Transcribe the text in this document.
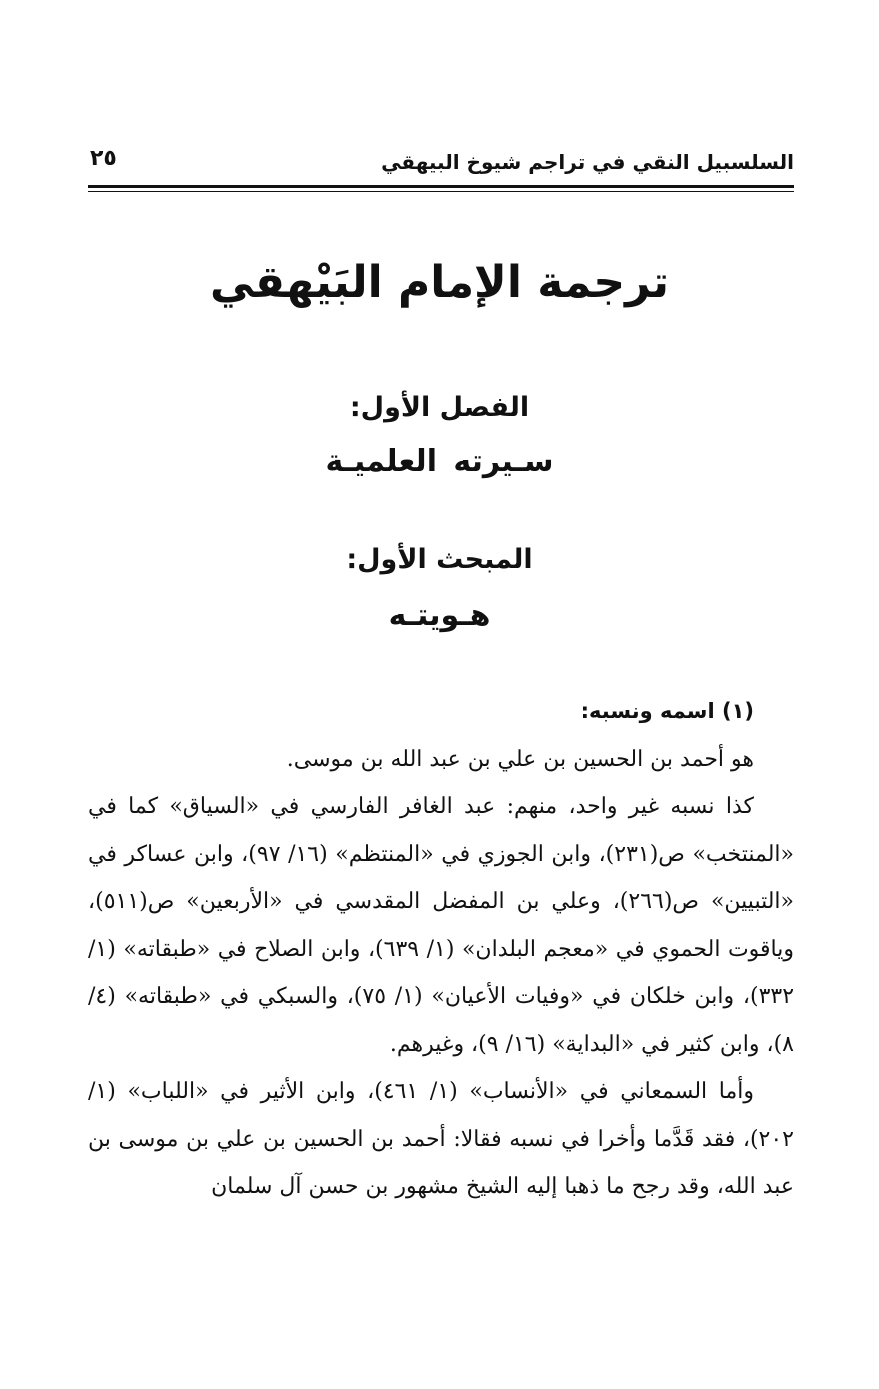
السلسبيل النقي في تراجم شيوخ البيهقي
٢٥
ترجمة الإمام البَيْهقي
الفصل الأول:
سـيرته العلميـة
المبحث الأول:
هـويتـه

(١) اسمه ونسبه:

هو أحمد بن الحسين بن علي بن عبد الله بن موسى.

كذا نسبه غير واحد، منهم: عبد الغافر الفارسي في «السياق» كما في «المنتخب» ص(٢٣١)، وابن الجوزي في «المنتظم» (١٦/ ٩٧)، وابن عساكر في «التبيين» ص(٢٦٦)، وعلي بن المفضل المقدسي في «الأربعين» ص(٥١١)، وياقوت الحموي في «معجم البلدان» (١/ ٦٣٩)، وابن الصلاح في «طبقاته» (١/ ٣٣٢)، وابن خلكان في «وفيات الأعيان» (١/ ٧٥)، والسبكي في «طبقاته» (٤/ ٨)، وابن كثير في «البداية» (١٦/ ٩)، وغيرهم.

وأما السمعاني في «الأنساب» (١/ ٤٦١)، وابن الأثير في «اللباب» (١/ ٢٠٢)، فقد قَدَّما وأخرا في نسبه فقالا: أحمد بن الحسين بن علي بن موسى بن عبد الله، وقد رجح ما ذهبا إليه الشيخ مشهور بن حسن آل سلمان
